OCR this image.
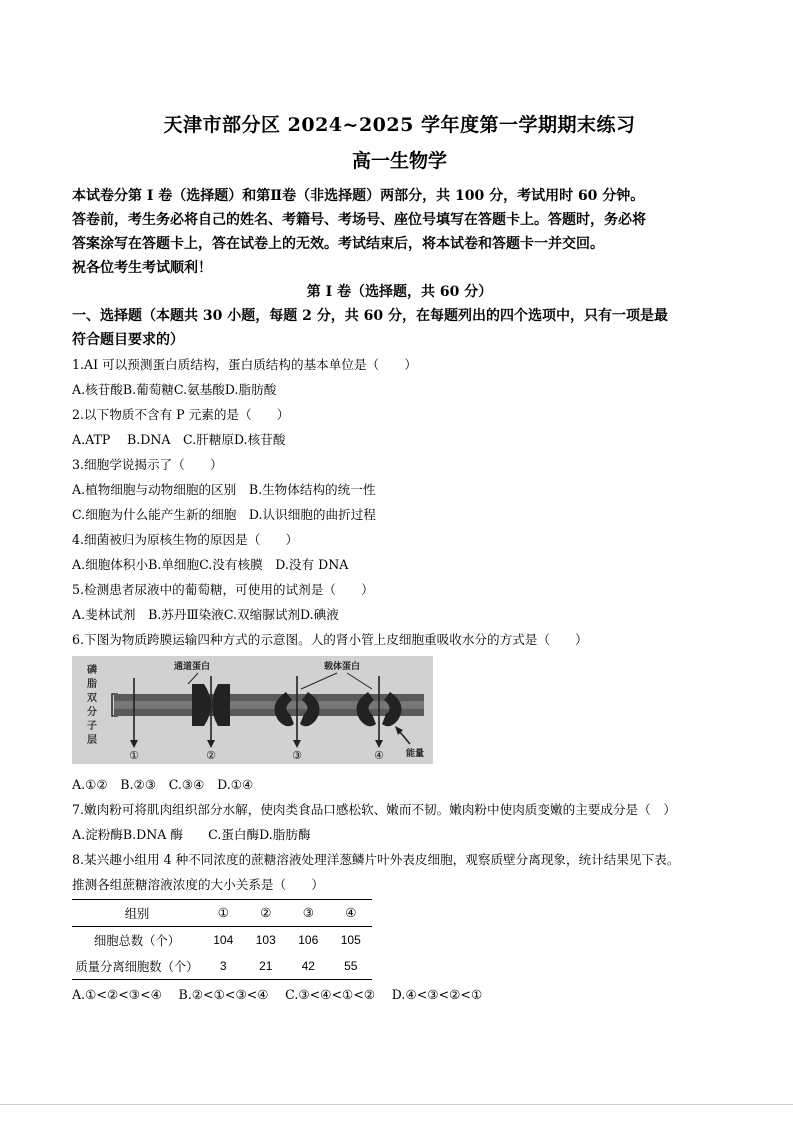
天津市部分区 2024~2025 学年度第一学期期末练习

高一生物学

本试卷分第 I 卷（选择题）和第Ⅱ卷（非选择题）两部分，共 100 分，考试用时 60 分钟。

答卷前，考生务必将自己的姓名、考籍号、考场号、座位号填写在答题卡上。答题时，务必将

答案涂写在答题卡上，答在试卷上的无效。考试结束后，将本试卷和答题卡一并交回。

祝各位考生考试顺利！

第 I 卷（选择题，共 60 分）

一、选择题（本题共 30 小题，每题 2 分，共 60 分，在每题列出的四个选项中，只有一项是最

符合题目要求的）

1.AI 可以预测蛋白质结构，蛋白质结构的基本单位是（　　）

A.核苷酸B.葡萄糖C.氨基酸D.脂肪酸

2.以下物质不含有 P 元素的是（　　）

A.ATP　 B.DNA　C.肝糖原D.核苷酸

3.细胞学说揭示了（　　）

A.植物细胞与动物细胞的区别　B.生物体结构的统一性

C.细胞为什么能产生新的细胞　D.认识细胞的曲折过程

4.细菌被归为原核生物的原因是（　　）

A.细胞体积小B.单细胞C.没有核膜　D.没有 DNA

5.检测患者尿液中的葡萄糖，可使用的试剂是（　　）

A.斐林试剂　B.苏丹Ⅲ染液C.双缩脲试剂D.碘液

6.下图为物质跨膜运输四种方式的示意图。人的肾小管上皮细胞重吸收水分的方式是（　　）

磷
脂
双
分
子
层
通道蛋白	载体蛋白
能量
①	②	③	④

A.①②　B.②③　C.③④　D.①④

7.嫩肉粉可将肌肉组织部分水解，使肉类食品口感松软、嫩而不韧。嫩肉粉中使肉质变嫩的主要成分是（　）

A.淀粉酶B.DNA 酶　　C.蛋白酶D.脂肪酶

8.某兴趣小组用 4 种不同浓度的蔗糖溶液处理洋葱鳞片叶外表皮细胞，观察质壁分离现象，统计结果见下表。

推测各组蔗糖溶液浓度的大小关系是（　　）

组别	①	②	③	④
细胞总数（个）	104	103	106	105
质量分离细胞数（个）	3	21	42	55

A.①<②<③<④　 B.②<①<③<④　 C.③<④<①<②　 D.④<③<②<①
